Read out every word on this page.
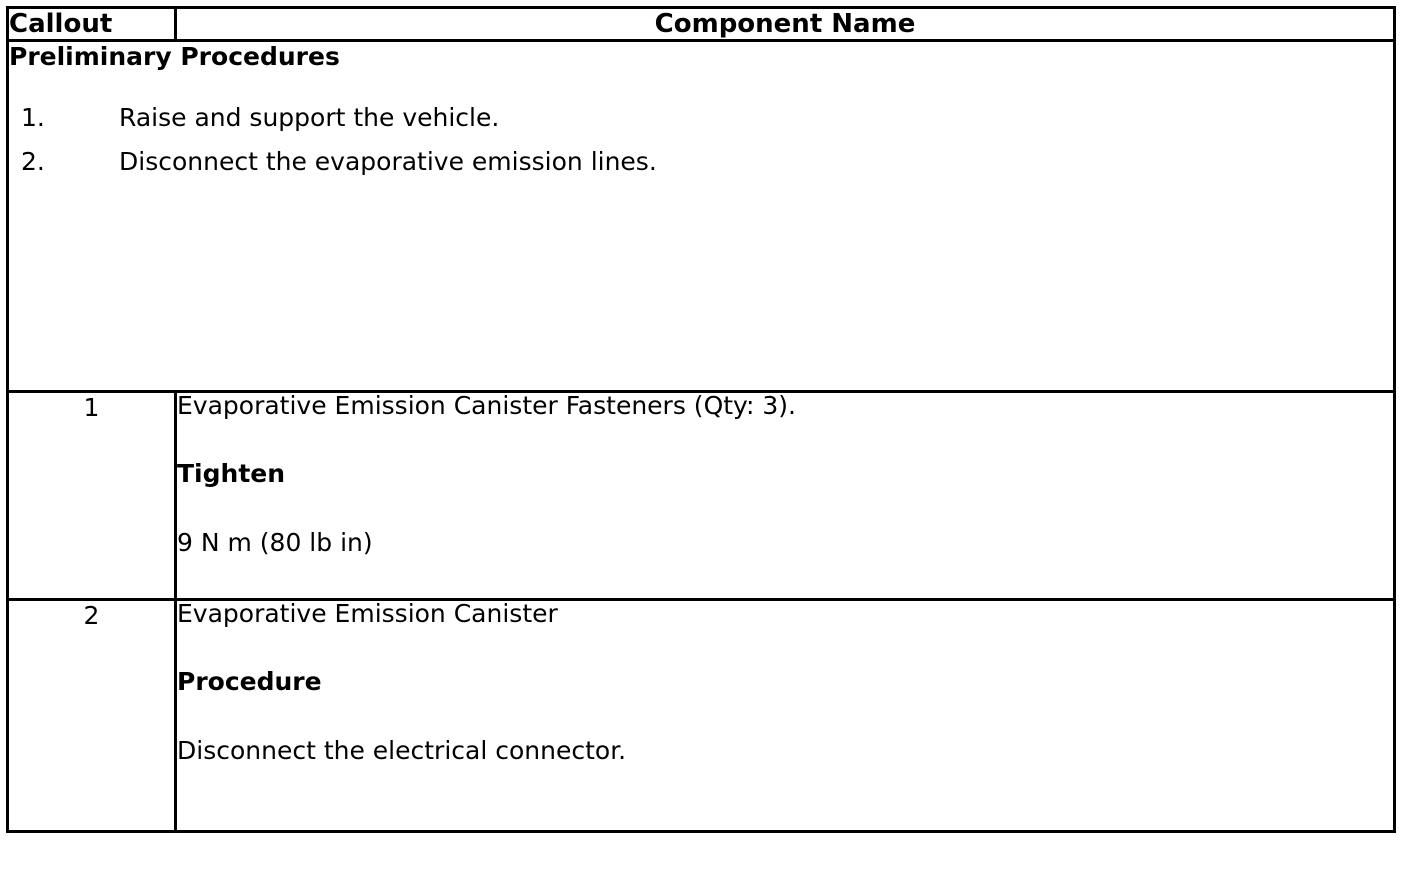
Callout	Component Name

Preliminary Procedures
1.	Raise and support the vehicle.
2.	Disconnect the evaporative emission lines.

1	Evaporative Emission Canister Fasteners (Qty: 3).
Tighten
9 N m (80 lb in)

2	Evaporative Emission Canister
Procedure
Disconnect the electrical connector.
